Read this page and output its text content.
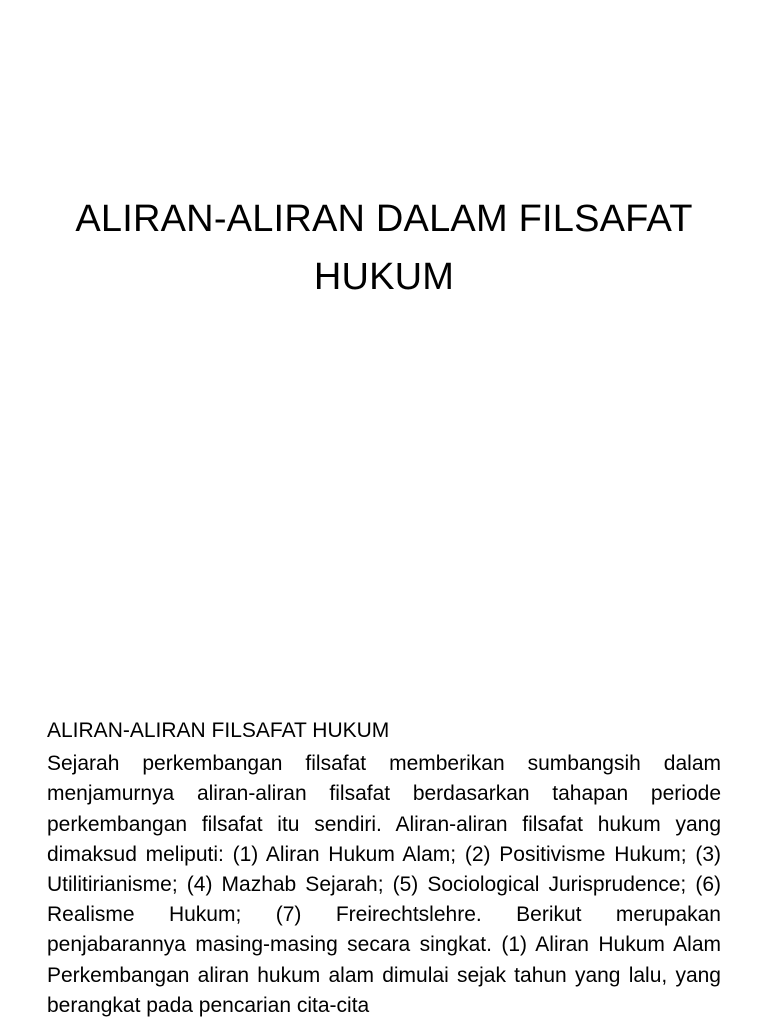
ALIRAN-ALIRAN DALAM FILSAFAT HUKUM

ALIRAN-ALIRAN FILSAFAT HUKUM

Sejarah perkembangan filsafat memberikan sumbangsih dalam menjamurnya aliran-aliran filsafat berdasarkan tahapan periode perkembangan filsafat itu sendiri. Aliran-aliran filsafat hukum yang dimaksud meliputi: (1) Aliran Hukum Alam; (2) Positivisme Hukum; (3) Utilitirianisme; (4) Mazhab Sejarah; (5) Sociological Jurisprudence; (6) Realisme Hukum; (7) Freirechtslehre. Berikut merupakan penjabarannya masing-masing secara singkat. (1) Aliran Hukum Alam Perkembangan aliran hukum alam dimulai sejak tahun yang lalu, yang berangkat pada pencarian cita-cita
